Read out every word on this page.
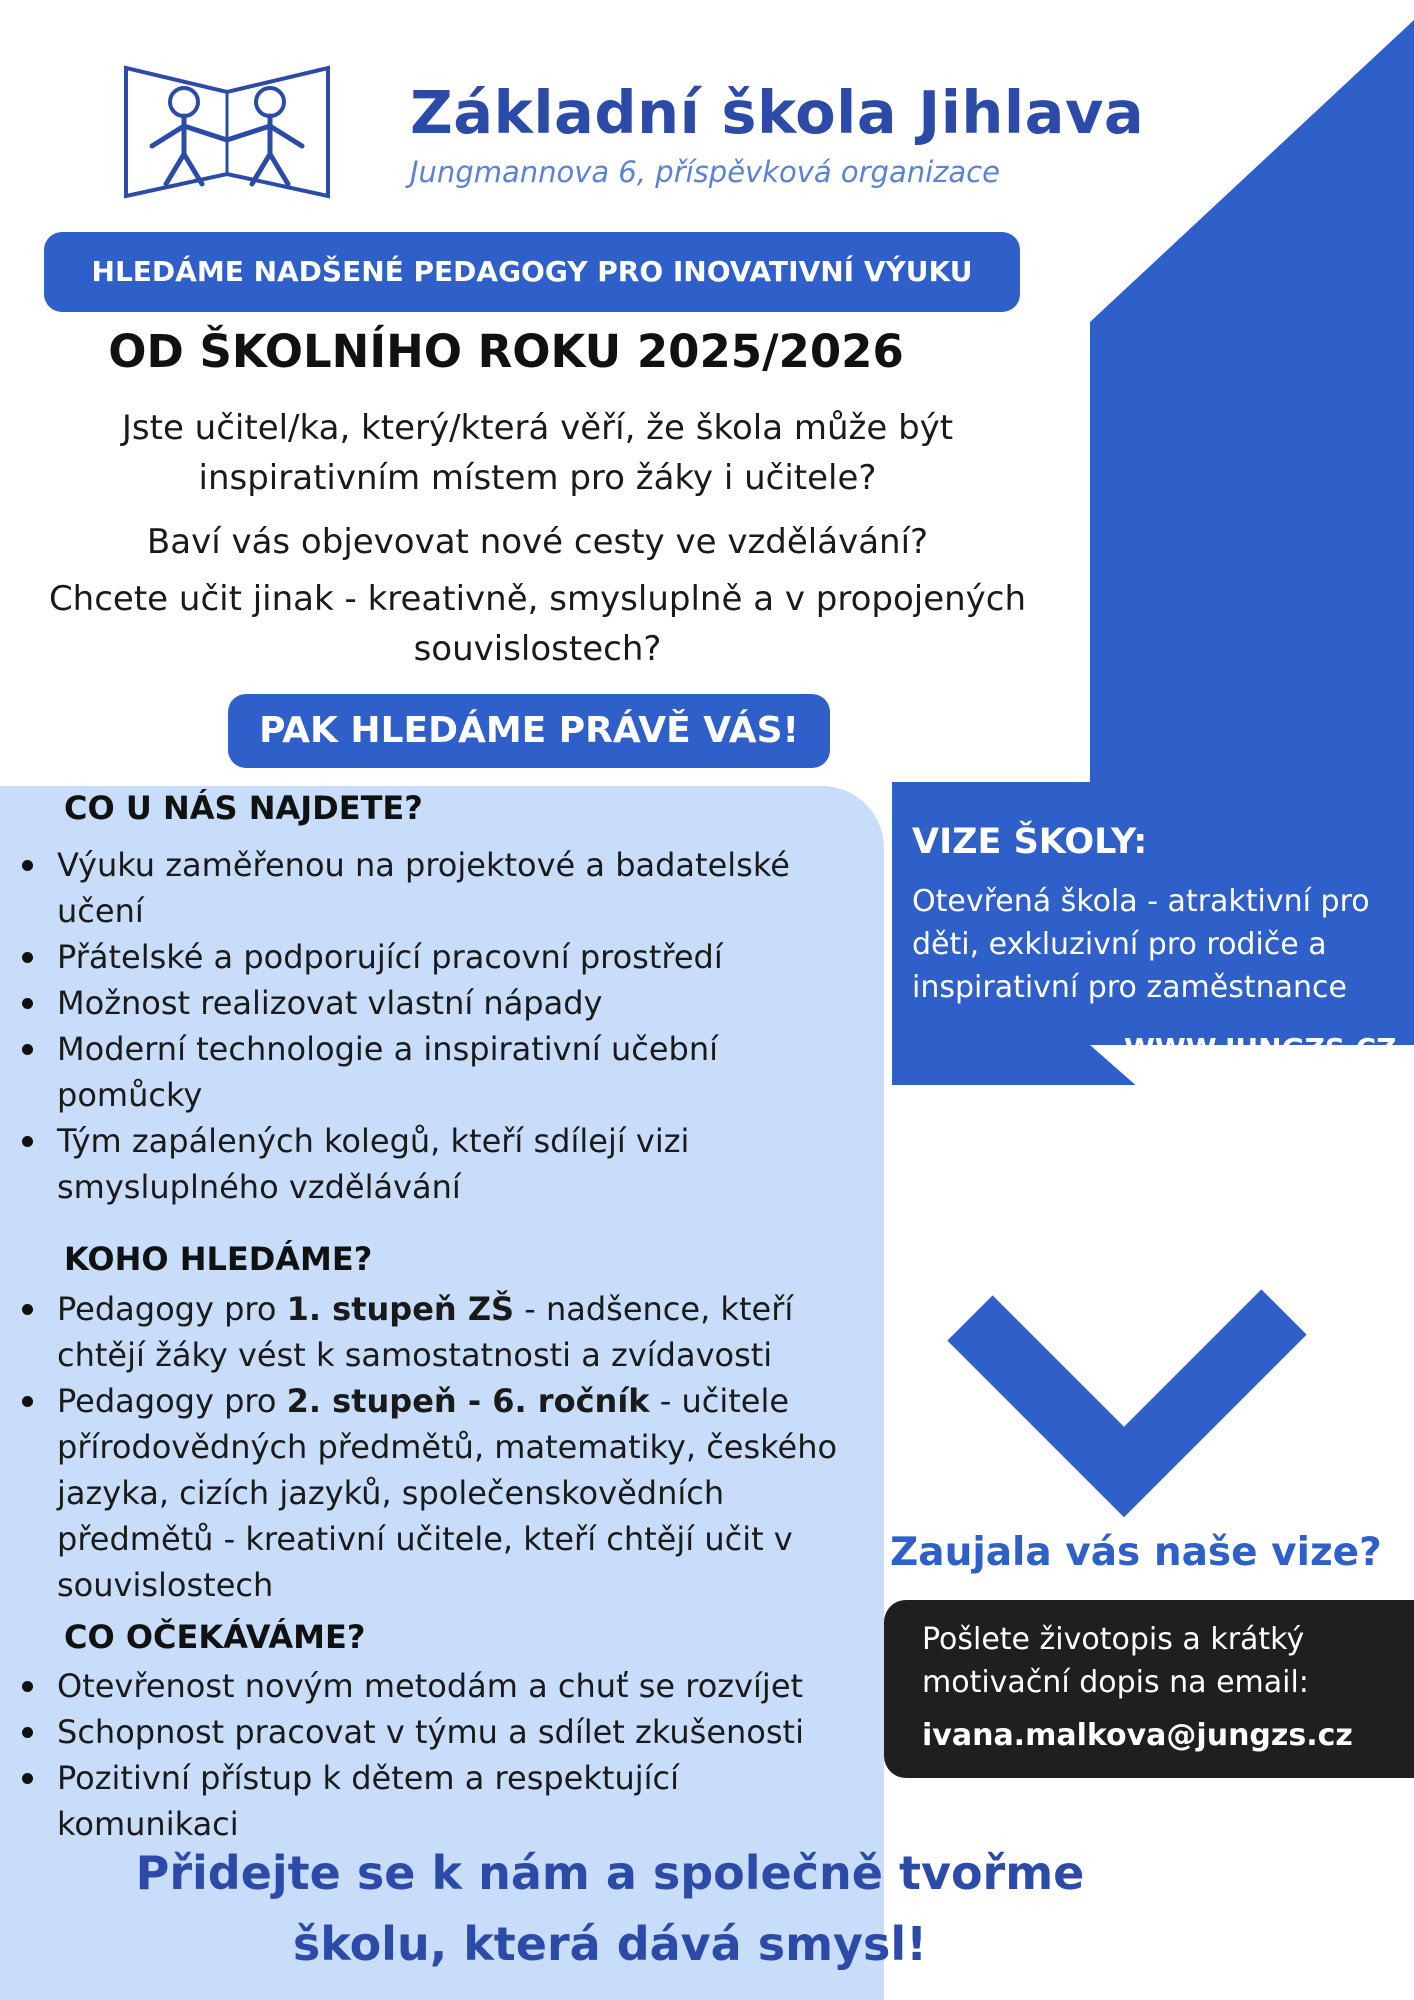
Základní škola Jihlava
Jungmannova 6, příspěvková organizace
HLEDÁME NADŠENÉ PEDAGOGY PRO INOVATIVNÍ VÝUKU
OD ŠKOLNÍHO ROKU 2025/2026
Jste učitel/ka, který/která věří, že škola může být
inspirativním místem pro žáky i učitele?
Baví vás objevovat nové cesty ve vzdělávání?
Chcete učit jinak - kreativně, smysluplně a v propojených
souvislostech?
PAK HLEDÁME PRÁVĚ VÁS!
CO U NÁS NAJDETE?
Výuku zaměřenou na projektové a badatelské učení
Přátelské a podporující pracovní prostředí
Možnost realizovat vlastní nápady
Moderní technologie a inspirativní učební pomůcky
Tým zapálených kolegů, kteří sdílejí vizi smysluplného vzdělávání
KOHO HLEDÁME?
Pedagogy pro 1. stupeň ZŠ - nadšence, kteří chtějí žáky vést k samostatnosti a zvídavosti
Pedagogy pro 2. stupeň - 6. ročník - učitele přírodovědných předmětů, matematiky, českého jazyka, cizích jazyků, společenskovědních předmětů - kreativní učitele, kteří chtějí učit v souvislostech
CO OČEKÁVÁME?
Otevřenost novým metodám a chuť se rozvíjet
Schopnost pracovat v týmu a sdílet zkušenosti
Pozitivní přístup k dětem a respektující komunikaci
VIZE ŠKOLY:
Otevřená škola - atraktivní pro děti, exkluzivní pro rodiče a inspirativní pro zaměstnance
WWW.JUNGZS.CZ
Zaujala vás naše vize?
Pošlete životopis a krátký motivační dopis na email:
ivana.malkova@jungzs.cz
Přidejte se k nám a společně tvořme
školu, která dává smysl!
